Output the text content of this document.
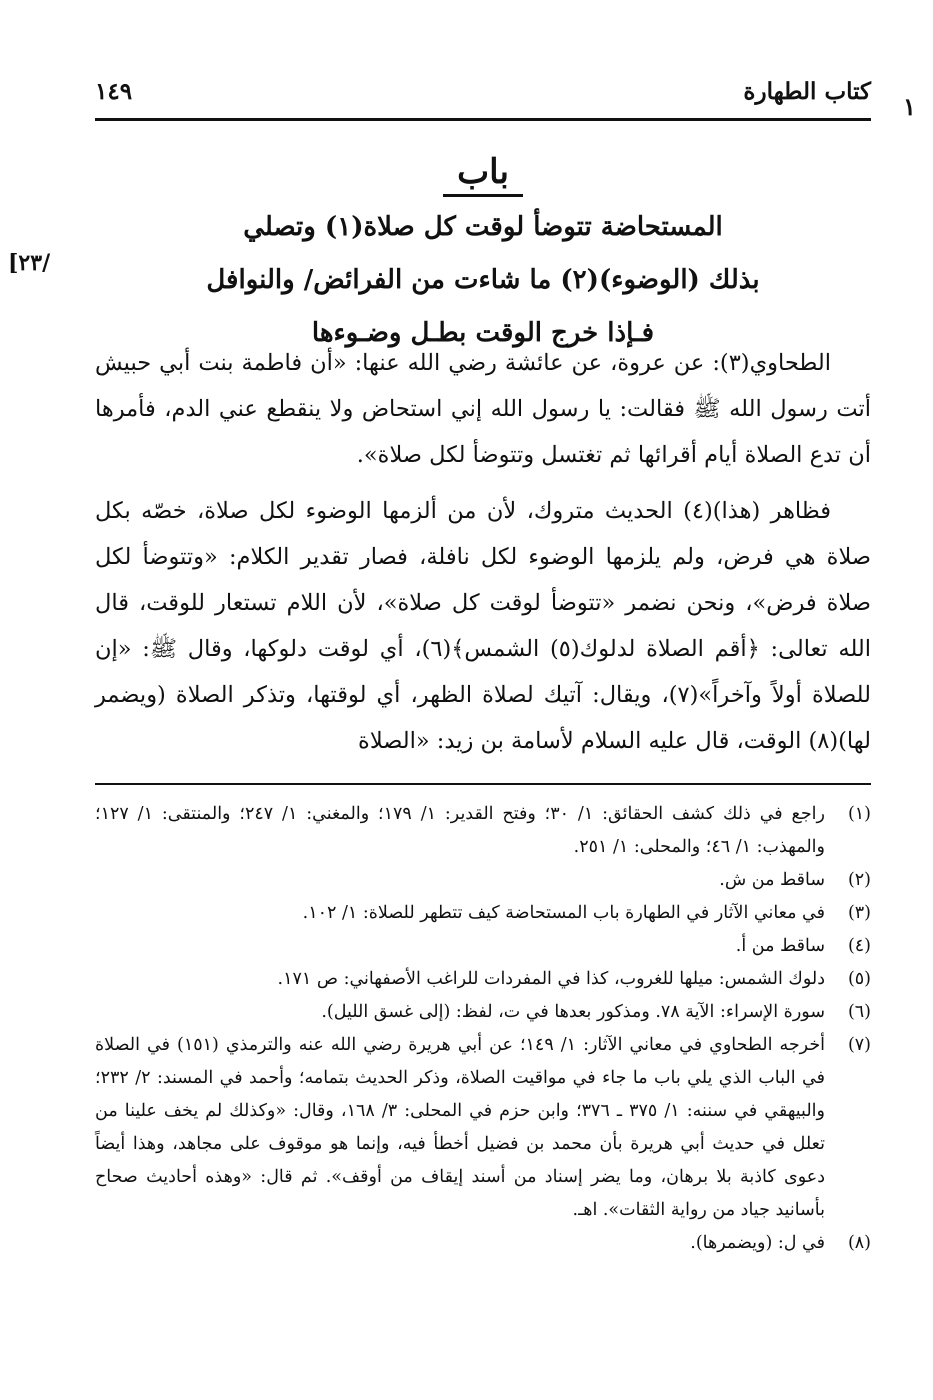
١
كتاب الطهارة
١٤٩
[٢٣/
باب
المستحاضة تتوضأ لوقت كل صلاة(١) وتصلي
بذلك (الوضوء)(٢) ما شاءت من الفرائض/ والنوافل
فـإذا خرج الوقت بطـل وضـوءها

الطحاوي(٣): عن عروة، عن عائشة رضي الله عنها: «أن فاطمة بنت أبي حبيش أتت رسول الله ﷺ فقالت: يا رسول الله إني استحاض ولا ينقطع عني الدم، فأمرها أن تدع الصلاة أيام أقرائها ثم تغتسل وتتوضأ لكل صلاة».

فظاهر (هذا)(٤) الحديث متروك، لأن من ألزمها الوضوء لكل صلاة، خصّه بكل صلاة هي فرض، ولم يلزمها الوضوء لكل نافلة، فصار تقدير الكلام: «وتتوضأ لكل صلاة فرض»، ونحن نضمر «تتوضأ لوقت كل صلاة»، لأن اللام تستعار للوقت، قال الله تعالى: ﴿أقم الصلاة لدلوك(٥) الشمس﴾(٦)، أي لوقت دلوكها، وقال ﷺ: «إن للصلاة أولاً وآخراً»(٧)، ويقال: آتيك لصلاة الظهر، أي لوقتها، وتذكر الصلاة (ويضمر لها)(٨) الوقت، قال عليه السلام لأسامة بن زيد: «الصلاة

(١)
راجع في ذلك كشف الحقائق: ١/ ٣٠؛ وفتح القدير: ١/ ١٧٩؛ والمغني: ١/ ٢٤٧؛ والمنتقى: ١/ ١٢٧؛ والمهذب: ١/ ٤٦؛ والمحلى: ١/ ٢٥١.
(٢)
ساقط من ش.
(٣)
في معاني الآثار في الطهارة باب المستحاضة كيف تتطهر للصلاة: ١/ ١٠٢.
(٤)
ساقط من أ.
(٥)
دلوك الشمس: ميلها للغروب، كذا في المفردات للراغب الأصفهاني: ص ١٧١.
(٦)
سورة الإسراء: الآية ٧٨. ومذكور بعدها في ت، لفظ: (إلى غسق الليل).
(٧)
أخرجه الطحاوي في معاني الآثار: ١/ ١٤٩؛ عن أبي هريرة رضي الله عنه والترمذي (١٥١) في الصلاة في الباب الذي يلي باب ما جاء في مواقيت الصلاة، وذكر الحديث بتمامه؛ وأحمد في المسند: ٢/ ٢٣٢؛ والبيهقي في سننه: ١/ ٣٧٥ ـ ٣٧٦؛ وابن حزم في المحلى: ٣/ ١٦٨، وقال: «وكذلك لم يخف علينا من تعلل في حديث أبي هريرة بأن محمد بن فضيل أخطأ فيه، وإنما هو موقوف على مجاهد، وهذا أيضاً دعوى كاذبة بلا برهان، وما يضر إسناد من أسند إيقاف من أوقف». ثم قال: «وهذه أحاديث صحاح بأسانيد جياد من رواية الثقات». اهـ.
(٨)
في ل: (ويضمرها).
